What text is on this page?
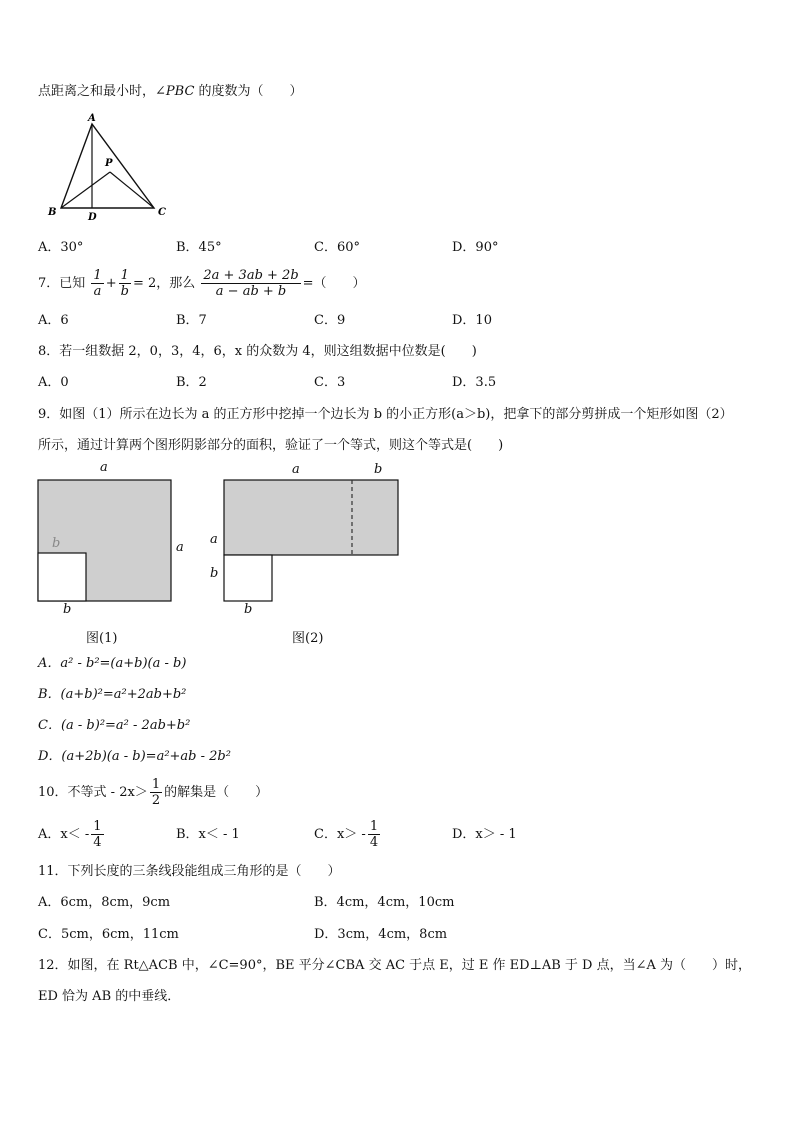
点距离之和最小时，∠PBC 的度数为（　　）
A
B	C
D
P
A．30°	B．45°	C．60°	D．90°
7．已知 $\frac{1}{a} + \frac{1}{b} = 2$，那么 $\frac{2a + 3ab + 2b}{a - ab + b}$ =（　　）
A．6	B．7	C．9	D．10
8．若一组数据 2，0，3，4，6，x 的众数为 4，则这组数据中位数是(　　)
A．0	B．2	C．3	D．3.5
9．如图（1）所示在边长为 a 的正方形中挖掉一个边长为 b 的小正方形(a＞b)，把拿下的部分剪拼成一个矩形如图（2）
所示，通过计算两个图形阴影部分的面积，验证了一个等式，则这个等式是(　　)
a
a
b
b
图(1)
a	b
a
b
b
图(2)
A．a² - b²=(a+b)(a - b)
B．(a+b)²=a²+2ab+b²
C．(a - b)²=a² - 2ab+b²
D．(a+2b)(a - b)=a²+ab - 2b²
10．不等式 - $2x> \frac{1}{2}$ 的解集是（　　）
A．$x< - \frac{1}{4}$	B．x＜ - 1	C．$x> - \frac{1}{4}$	D．x＞ - 1
11．下列长度的三条线段能组成三角形的是（　　）
A．6cm，8cm，9cm	B．4cm，4cm，10cm
C．5cm，6cm，11cm	D．3cm，4cm，8cm
12．如图，在 Rt△ACB 中，∠C=90°，BE 平分∠CBA 交 AC 于点 E，过 E 作 ED⊥AB 于 D 点，当∠A 为（　　）时，
ED 恰为 AB 的中垂线．
